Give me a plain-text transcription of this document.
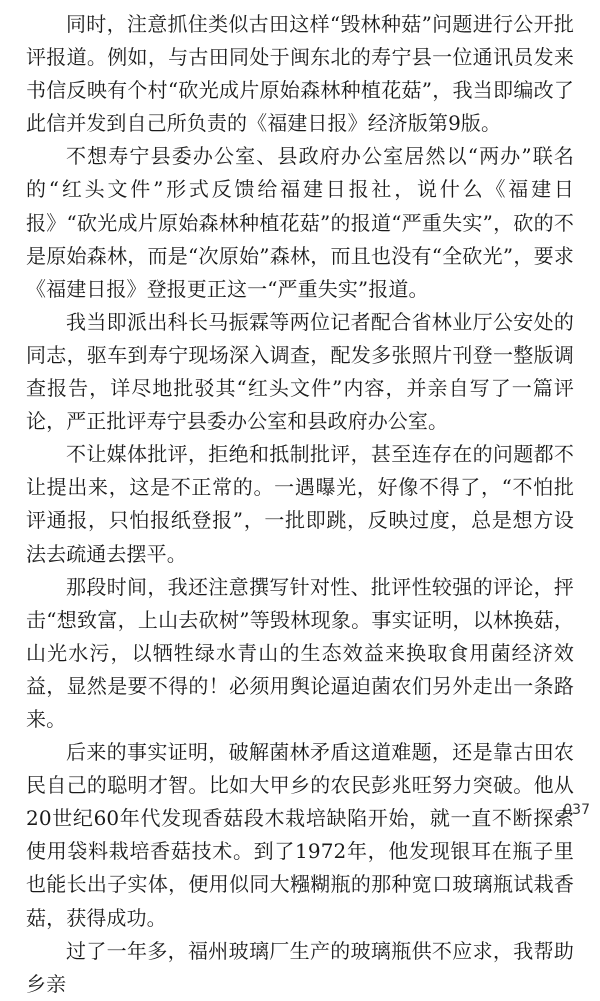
同时，注意抓住类似古田这样“毁林种菇”问题进行公开批评报道。例如，与古田同处于闽东北的寿宁县一位通讯员发来书信反映有个村“砍光成片原始森林种植花菇”，我当即编改了此信并发到自己所负责的《福建日报》经济版第9版。

不想寿宁县委办公室、县政府办公室居然以“两办”联名的“红头文件”形式反馈给福建日报社，说什么《福建日报》“砍光成片原始森林种植花菇”的报道“严重失实”，砍的不是原始森林，而是“次原始”森林，而且也没有“全砍光”，要求《福建日报》登报更正这一“严重失实”报道。

我当即派出科长马振霖等两位记者配合省林业厅公安处的同志，驱车到寿宁现场深入调查，配发多张照片刊登一整版调查报告，详尽地批驳其“红头文件”内容，并亲自写了一篇评论，严正批评寿宁县委办公室和县政府办公室。

不让媒体批评，拒绝和抵制批评，甚至连存在的问题都不让提出来，这是不正常的。一遇曝光，好像不得了，“不怕批评通报，只怕报纸登报”，一批即跳，反映过度，总是想方设法去疏通去摆平。

那段时间，我还注意撰写针对性、批评性较强的评论，抨击“想致富，上山去砍树”等毁林现象。事实证明，以林换菇，山光水污，以牺牲绿水青山的生态效益来换取食用菌经济效益，显然是要不得的！必须用舆论逼迫菌农们另外走出一条路来。

后来的事实证明，破解菌林矛盾这道难题，还是靠古田农民自己的聪明才智。比如大甲乡的农民彭兆旺努力突破。他从20世纪60年代发现香菇段木栽培缺陷开始，就一直不断探索使用袋料栽培香菇技术。到了1972年，他发现银耳在瓶子里也能长出子实体，便用似同大糨糊瓶的那种宽口玻璃瓶试栽香菇，获得成功。

过了一年多，福州玻璃厂生产的玻璃瓶供不应求，我帮助乡亲

037
